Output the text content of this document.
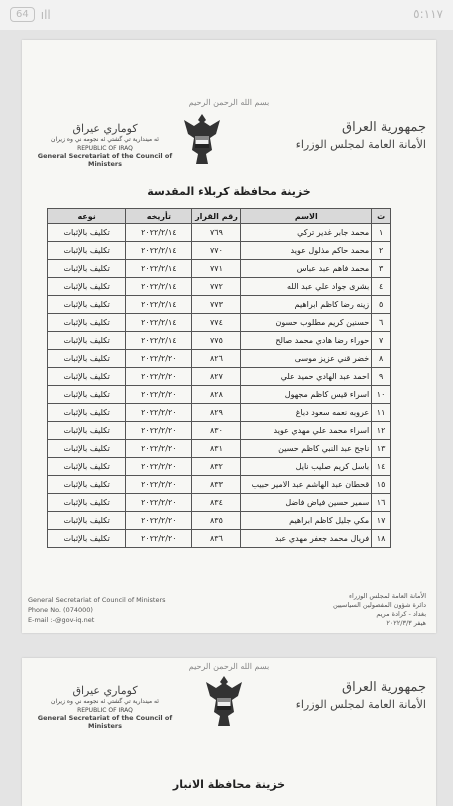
64	ıll	٥:١١٧
بسم الله الرحمن الرحيم
جمهورية العراق
الأمانة العامة لمجلس الوزراء
كوماري عيراق
ئه ميندارية تي گشتي ئه نجومه ني وه زيران
REPUBLIC OF IRAQ
General Secretariat of the Council of Ministers
خزينة محافظة كربلاء المقدسة
ت	الاسم	رقم القرار	تأريخه	نوعه
١	محمد جابر غدير تركي	٧٦٩	٢٠٢٢/٢/١٤	تكليف بالإثبات
٢	محمد حاكم مذلول عويد	٧٧٠	٢٠٢٢/٢/١٤	تكليف بالإثبات
٣	محمد فاهم عبد عباس	٧٧١	٢٠٢٢/٢/١٤	تكليف بالإثبات
٤	بشرى جواد علي عبد الله	٧٧٢	٢٠٢٢/٢/١٤	تكليف بالإثبات
٥	زينه رضا كاظم ابراهيم	٧٧٣	٢٠٢٢/٢/١٤	تكليف بالإثبات
٦	حسنين كريم مطلوب حسون	٧٧٤	٢٠٢٢/٢/١٤	تكليف بالإثبات
٧	حوراء رضا هادي محمد صالح	٧٧٥	٢٠٢٢/٢/١٤	تكليف بالإثبات
٨	خضر قني عزيز موسى	٨٢٦	٢٠٢٢/٢/٢٠	تكليف بالإثبات
٩	احمد عبد الهادي حميد علي	٨٢٧	٢٠٢٢/٢/٢٠	تكليف بالإثبات
١٠	اسراء قيس كاظم مجهول	٨٢٨	٢٠٢٢/٢/٢٠	تكليف بالإثبات
١١	عروبه نعمه سعود دباغ	٨٢٩	٢٠٢٢/٢/٢٠	تكليف بالإثبات
١٢	اسراء محمد علي مهدي عويد	٨٣٠	٢٠٢٢/٢/٢٠	تكليف بالإثبات
١٣	ناجح عبد النبي كاظم حسين	٨٣١	٢٠٢٢/٢/٢٠	تكليف بالإثبات
١٤	باسل كريم صليب نايل	٨٣٢	٢٠٢٢/٢/٢٠	تكليف بالإثبات
١٥	قحطان عبد الهاشم عبد الامير حبيب	٨٣٣	٢٠٢٢/٢/٢٠	تكليف بالإثبات
١٦	سمير حسين فياض فاضل	٨٣٤	٢٠٢٢/٢/٢٠	تكليف بالإثبات
١٧	مكي جليل كاظم ابراهيم	٨٣٥	٢٠٢٢/٢/٢٠	تكليف بالإثبات
١٨	فريال محمد جعفر مهدي عبد	٨٣٦	٢٠٢٢/٢/٢٠	تكليف بالإثبات
General Secretariat of Council of Ministers
Phone No. (074000)
E-mail :-@gov-iq.net
الأمانة العامة لمجلس الوزراء
دائرة شؤون المفصولين السياسيين
بغداد - كرادة مريم
هيفر ٢٠٢٢/٣/٣
بسم الله الرحمن الرحيم
جمهورية العراق
الأمانة العامة لمجلس الوزراء
كوماري عيراق
ئه ميندارية تي گشتي ئه نجومه ني وه زيران
REPUBLIC OF IRAQ
General Secretariat of the Council of Ministers
خزينة محافظة الانبار
